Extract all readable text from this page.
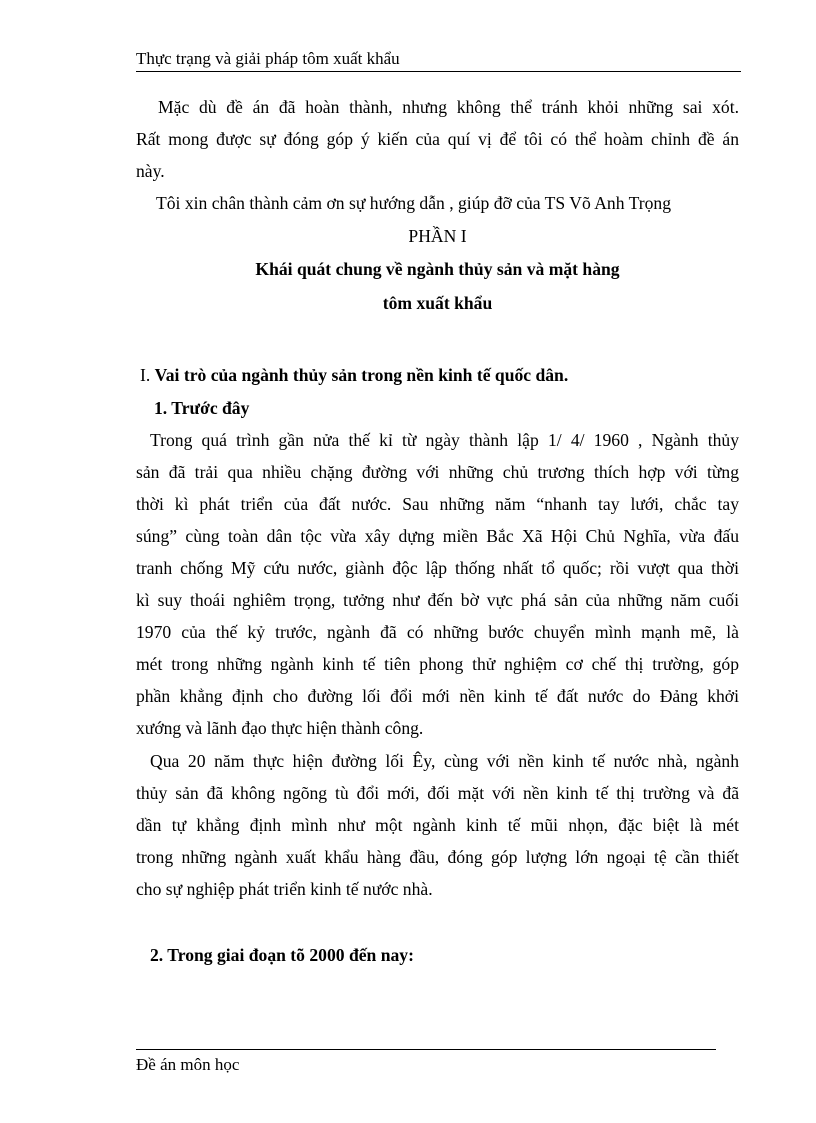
Thực trạng và giải pháp tôm xuất khẩu
Mặc dù đề án đã hoàn thành, nhưng không thể tránh khỏi những sai xót.
Rất mong được sự đóng góp ý kiến của quí vị để tôi có thể hoàm chỉnh đề án
này.
Tôi xin chân thành cảm ơn sự hướng dẫn , giúp đỡ của TS Võ Anh Trọng
PHẦN I
Khái quát chung về ngành thủy sản và mặt hàng
tôm xuất khẩu
I. Vai trò của ngành thủy sản trong nền kinh tế quốc dân.
1. Trước đây
Trong quá trình gần nửa thế kỉ từ ngày thành lập 1/ 4/ 1960 , Ngành thủy
sản đã trải qua nhiều chặng đường với những chủ trương thích hợp với từng
thời kì phát triển của đất nước. Sau những năm “nhanh tay lưới, chắc tay
súng” cùng toàn dân tộc vừa xây dựng miền Bắc Xã Hội Chủ Nghĩa, vừa đấu
tranh chống Mỹ cứu nước, giành độc lập thống nhất tổ quốc; rồi vượt qua thời
kì suy thoái nghiêm trọng, tưởng như đến bờ vực phá sản của những năm cuối
1970 của thế kỷ trước, ngành đã có những bước chuyển mình mạnh mẽ, là
mét trong những ngành kinh tế tiên phong thử nghiệm cơ chế thị trường, góp
phần khẳng định cho đường lối đổi mới nền kinh tế đất nước do Đảng khởi
xướng và lãnh đạo thực hiện thành công.
Qua 20 năm thực hiện đường lối Êy, cùng với nền kinh tế nước nhà, ngành
thủy sản đã không ngõng tù đổi mới, đối mặt với nền kinh tế thị trường và đã
dần tự khẳng định mình như một ngành kinh tế mũi nhọn, đặc biệt là mét
trong những ngành xuất khẩu hàng đầu, đóng góp lượng lớn ngoại tệ cần thiết
cho sự nghiệp phát triển kinh tế nước nhà.
2. Trong giai đoạn tõ 2000 đến nay:
Đề án môn học
